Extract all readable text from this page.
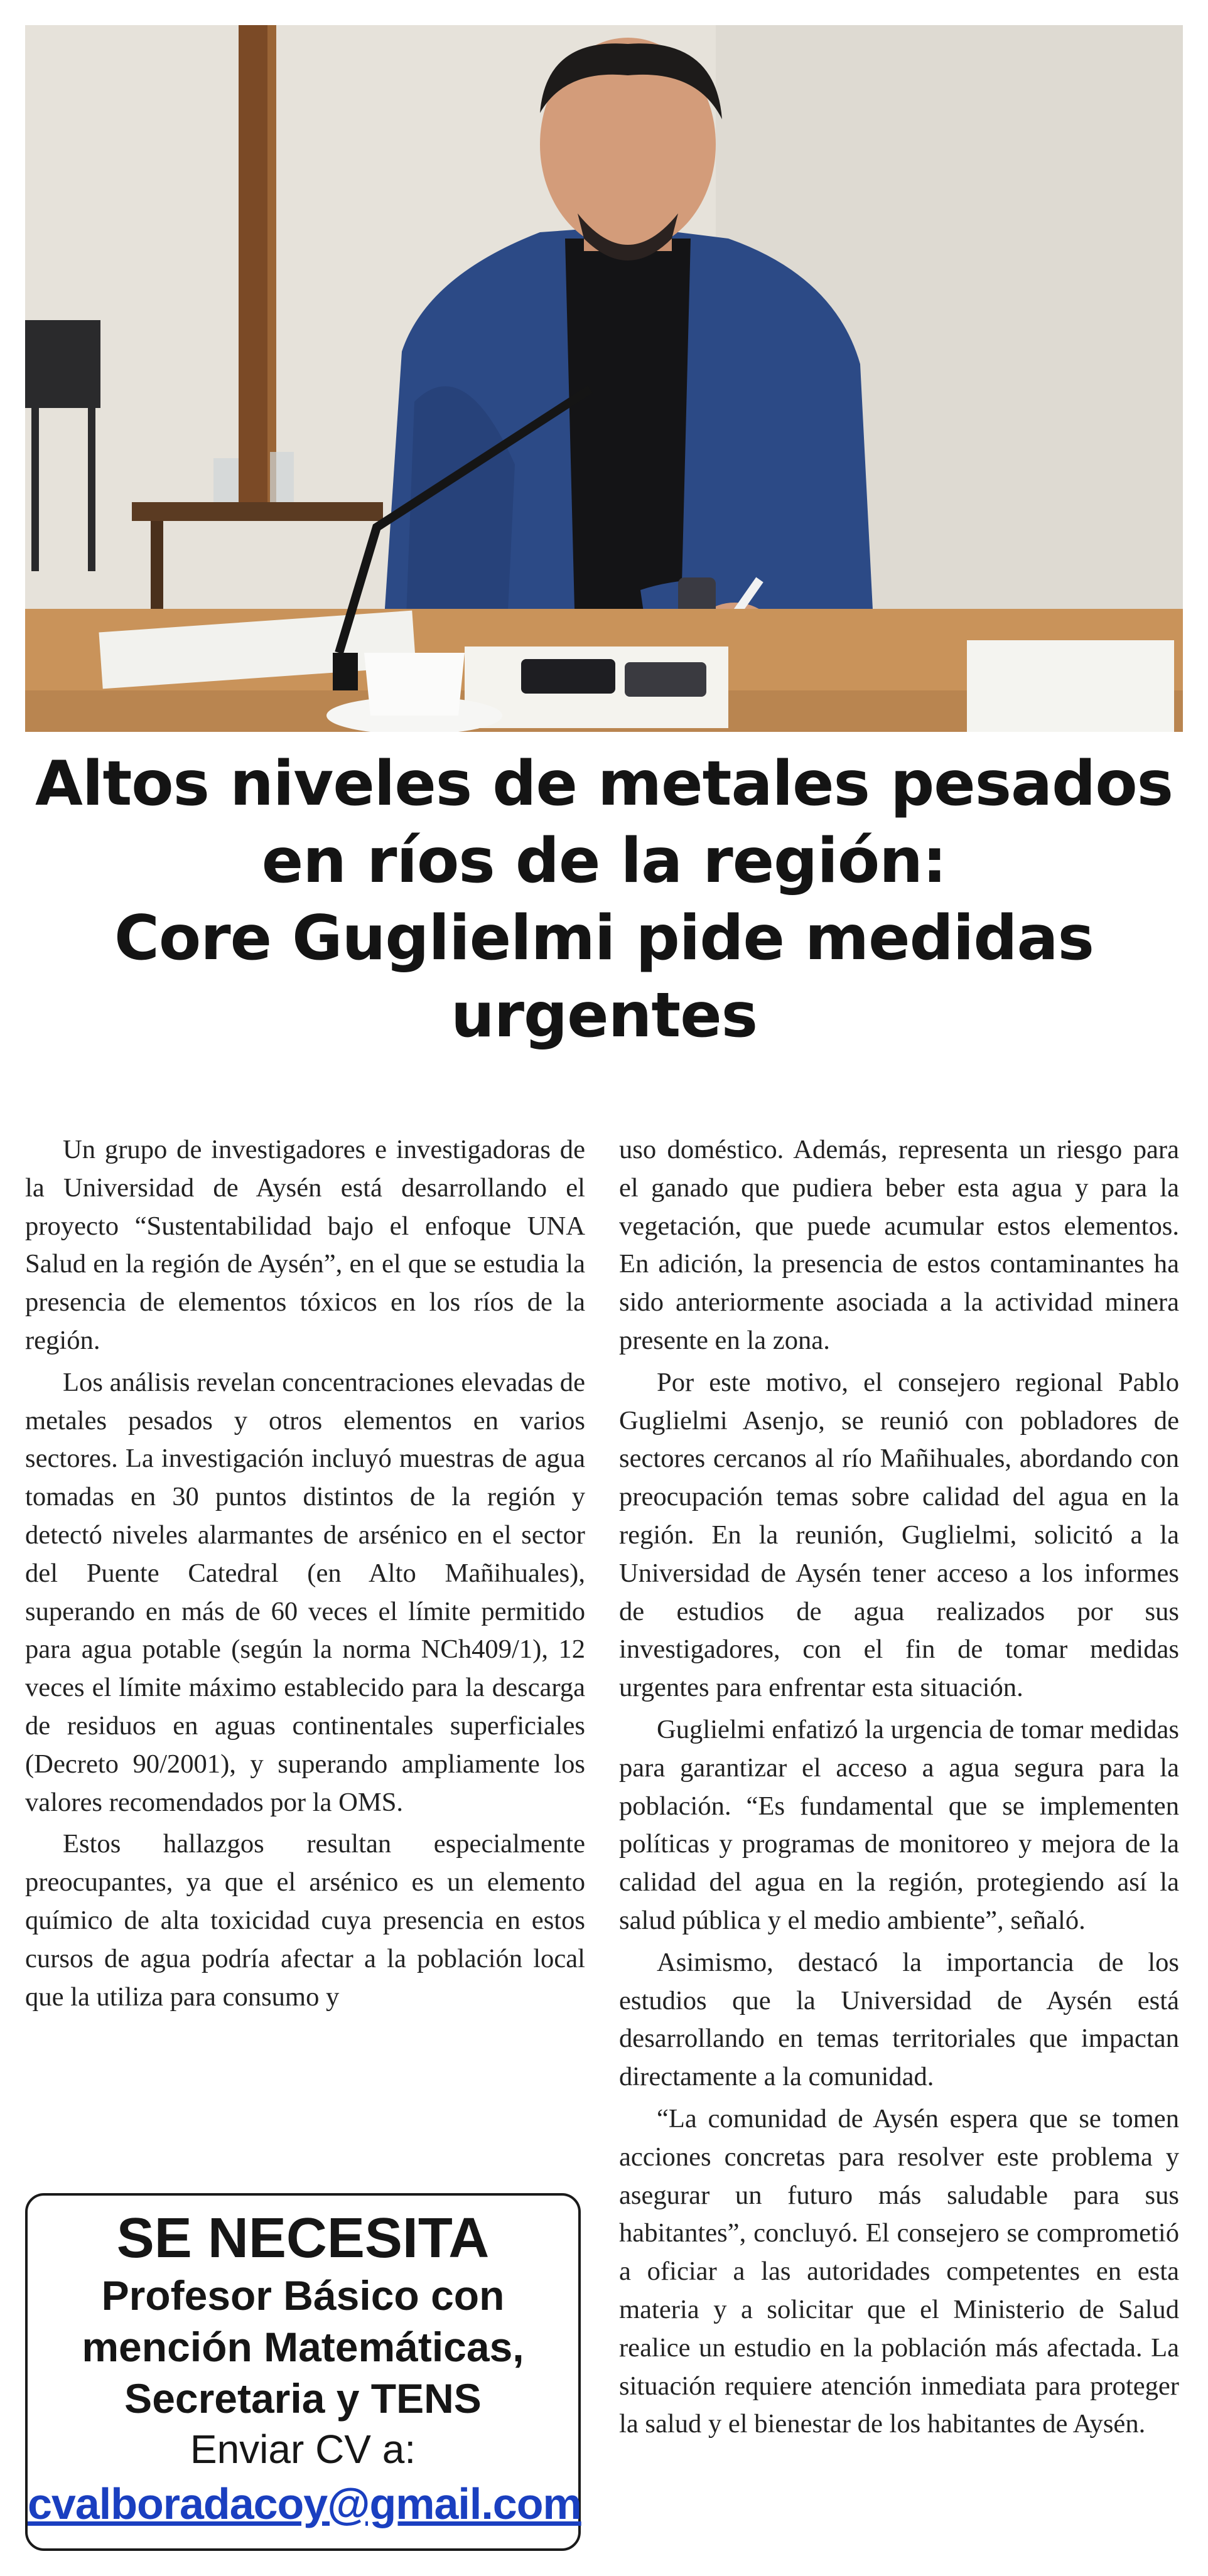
Altos niveles de metales pesados
en ríos de la región:
Core Guglielmi pide medidas
urgentes

Un grupo de investigadores e investigadoras de la Universidad de Aysén está desarrollando el proyecto “Sustentabilidad bajo el enfoque UNA Salud en la región de Aysén”, en el que se estudia la presencia de elementos tóxicos en los ríos de la región.

Los análisis revelan concentraciones elevadas de metales pesados y otros elementos en varios sectores. La investigación incluyó muestras de agua tomadas en 30 puntos distintos de la región y detectó niveles alarmantes de arsénico en el sector del Puente Catedral (en Alto Mañihuales), superando en más de 60 veces el límite permitido para agua potable (según la norma NCh409/1), 12 veces el límite máximo establecido para la descarga de residuos en aguas continentales superficiales (Decreto 90/2001), y superando ampliamente los valores recomendados por la OMS.

Estos hallazgos resultan especialmente preocupantes, ya que el arsénico es un elemento químico de alta toxicidad cuya presencia en estos cursos de agua podría afectar a la población local que la utiliza para consumo y

uso doméstico. Además, representa un riesgo para el ganado que pudiera beber esta agua y para la vegetación, que puede acumular estos elementos. En adición, la presencia de estos contaminantes ha sido anteriormente asociada a la actividad minera presente en la zona.

Por este motivo, el consejero regional Pablo Guglielmi Asenjo, se reunió con pobladores de sectores cercanos al río Mañihuales, abordando con preocupación temas sobre calidad del agua en la región. En la reunión, Guglielmi, solicitó a la Universidad de Aysén tener acceso a los informes de estudios de agua realizados por sus investigadores, con el fin de tomar medidas urgentes para enfrentar esta situación.

Guglielmi enfatizó la urgencia de tomar medidas para garantizar el acceso a agua segura para la población. “Es fundamental que se implementen políticas y programas de monitoreo y mejora de la calidad del agua en la región, protegiendo así la salud pública y el medio ambiente”, señaló.

Asimismo, destacó la importancia de los estudios que la Universidad de Aysén está desarrollando en temas territoriales que impactan directamente a la comunidad.

“La comunidad de Aysén espera que se tomen acciones concretas para resolver este problema y asegurar un futuro más saludable para sus habitantes”, concluyó. El consejero se comprometió a oficiar a las autoridades competentes en esta materia y a solicitar que el Ministerio de Salud realice un estudio en la población más afectada. La situación requiere atención inmediata para proteger la salud y el bienestar de los habitantes de Aysén.

SE NECESITA
Profesor Básico con
mención Matemáticas,
Secretaria y TENS
Enviar CV a:
cvalboradacoy@gmail.com
